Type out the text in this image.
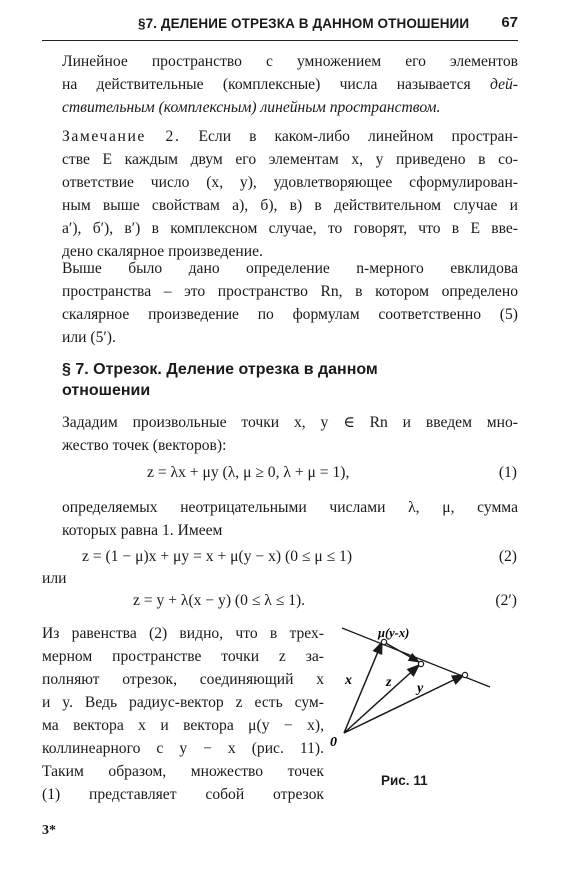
§7. ДЕЛЕНИЕ ОТРЕЗКА В ДАННОМ ОТНОШЕНИИ 67
Линейное пространство с умножением его элементов
на действительные (комплексные) числа называется дей-
ствительным (комплексным) линейным пространством.
Замечание 2. Если в каком-либо линейном простран-
стве E каждым двум его элементам x, y приведено в со-
ответствие число (x, y), удовлетворяющее сформулирован-
ным выше свойствам а), б), в) в действительном случае и
а′), б′), в′) в комплексном случае, то говорят, что в E вве-
дено скалярное произведение.
Выше было дано определение n-мерного евклидова
пространства – это пространство Rn, в котором определено
скалярное произведение по формулам соответственно (5)
или (5′).
§ 7. Отрезок. Деление отрезка в данном
отношении
Зададим произвольные точки x, y ∈ Rn и введем мно-
жество точек (векторов):
z = λx + μy (λ, μ ≥ 0, λ + μ = 1),	(1)
определяемых неотрицательными числами λ, μ, сумма
которых равна 1. Имеем
z = (1 − μ)x + μy = x + μ(y − x) (0 ≤ μ ≤ 1)	(2)
или
z = y + λ(x − y) (0 ≤ λ ≤ 1).	(2′)
Из равенства (2) видно, что в трех-
мерном пространстве точки z за-
полняют отрезок, соединяющий x
и y. Ведь радиус-вектор z есть сум-
ма вектора x и вектора μ(y − x),
коллинеарного с y − x (рис. 11).
Таким образом, множество точек
(1) представляет собой отрезок
0
x z y
μ(y-x)
Рис. 11
3*
